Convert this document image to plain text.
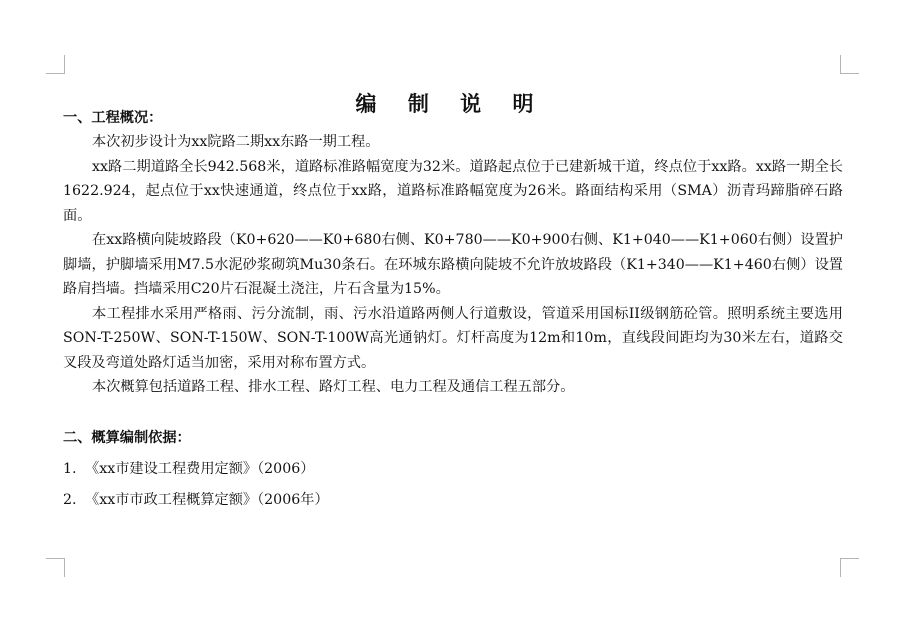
编 制 说 明

一、工程概况：

本次初步设计为xx院路二期xx东路一期工程。

xx路二期道路全长942.568米，道路标准路幅宽度为32米。道路起点位于已建新城干道，终点位于xx路。xx路一期全长1622.924，起点位于xx快速通道，终点位于xx路，道路标准路幅宽度为26米。路面结构采用（SMA）沥青玛蹄脂碎石路面。

在xx路横向陡坡路段（K0+620——K0+680右侧、K0+780——K0+900右侧、K1+040——K1+060右侧）设置护脚墙，护脚墙采用M7.5水泥砂浆砌筑Mu30条石。在环城东路横向陡坡不允许放坡路段（K1+340——K1+460右侧）设置路肩挡墙。挡墙采用C20片石混凝土浇注，片石含量为15%。

本工程排水采用严格雨、污分流制，雨、污水沿道路两侧人行道敷设，管道采用国标II级钢筋砼管。照明系统主要选用SON-T-250W、SON-T-150W、SON-T-100W高光通钠灯。灯杆高度为12m和10m，直线段间距均为30米左右，道路交叉段及弯道处路灯适当加密，采用对称布置方式。

本次概算包括道路工程、排水工程、路灯工程、电力工程及通信工程五部分。

二、概算编制依据：

1. 《xx市建设工程费用定额》（2006）

2. 《xx市市政工程概算定额》（2006年）
